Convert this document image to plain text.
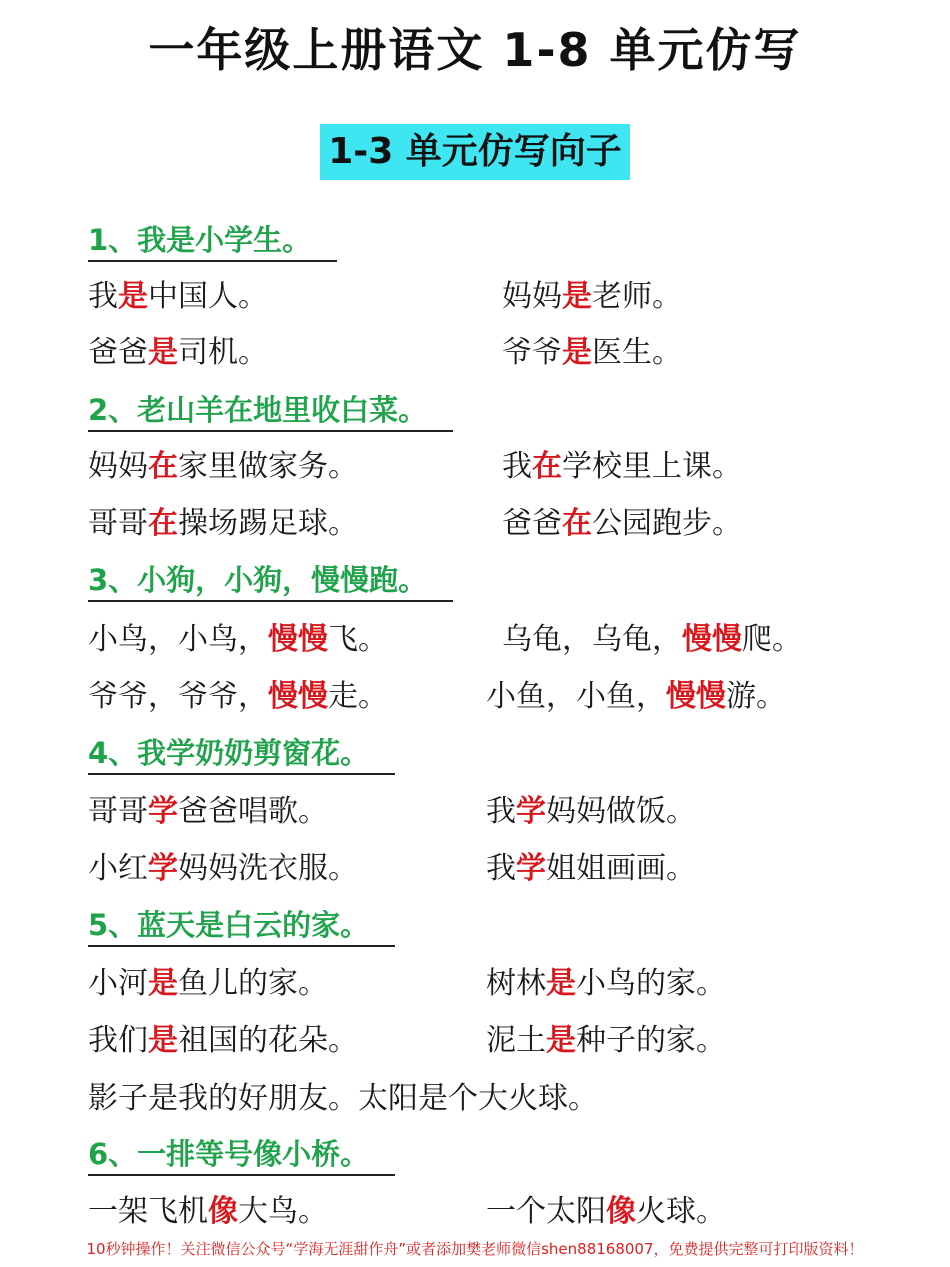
一年级上册语文 1-8 单元仿写
1-3 单元仿写向子
1、我是小学生。
我是中国人。	妈妈是老师。
爸爸是司机。	爷爷是医生。
2、老山羊在地里收白菜。
妈妈在家里做家务。	我在学校里上课。
哥哥在操场踢足球。	爸爸在公园跑步。
3、小狗，小狗，慢慢跑。
小鸟，小鸟，慢慢飞。	乌龟，乌龟，慢慢爬。
爷爷，爷爷，慢慢走。	小鱼，小鱼，慢慢游。
4、我学奶奶剪窗花。
哥哥学爸爸唱歌。	我学妈妈做饭。
小红学妈妈洗衣服。	我学姐姐画画。
5、蓝天是白云的家。
小河是鱼儿的家。	树林是小鸟的家。
我们是祖国的花朵。	泥土是种子的家。
影子是我的好朋友。太阳是个大火球。
6、一排等号像小桥。
一架飞机像大鸟。	一个太阳像火球。
10秒钟操作！关注微信公众号“学海无涯甜作舟”或者添加樊老师微信shen88168007，免费提供完整可打印版资料！
